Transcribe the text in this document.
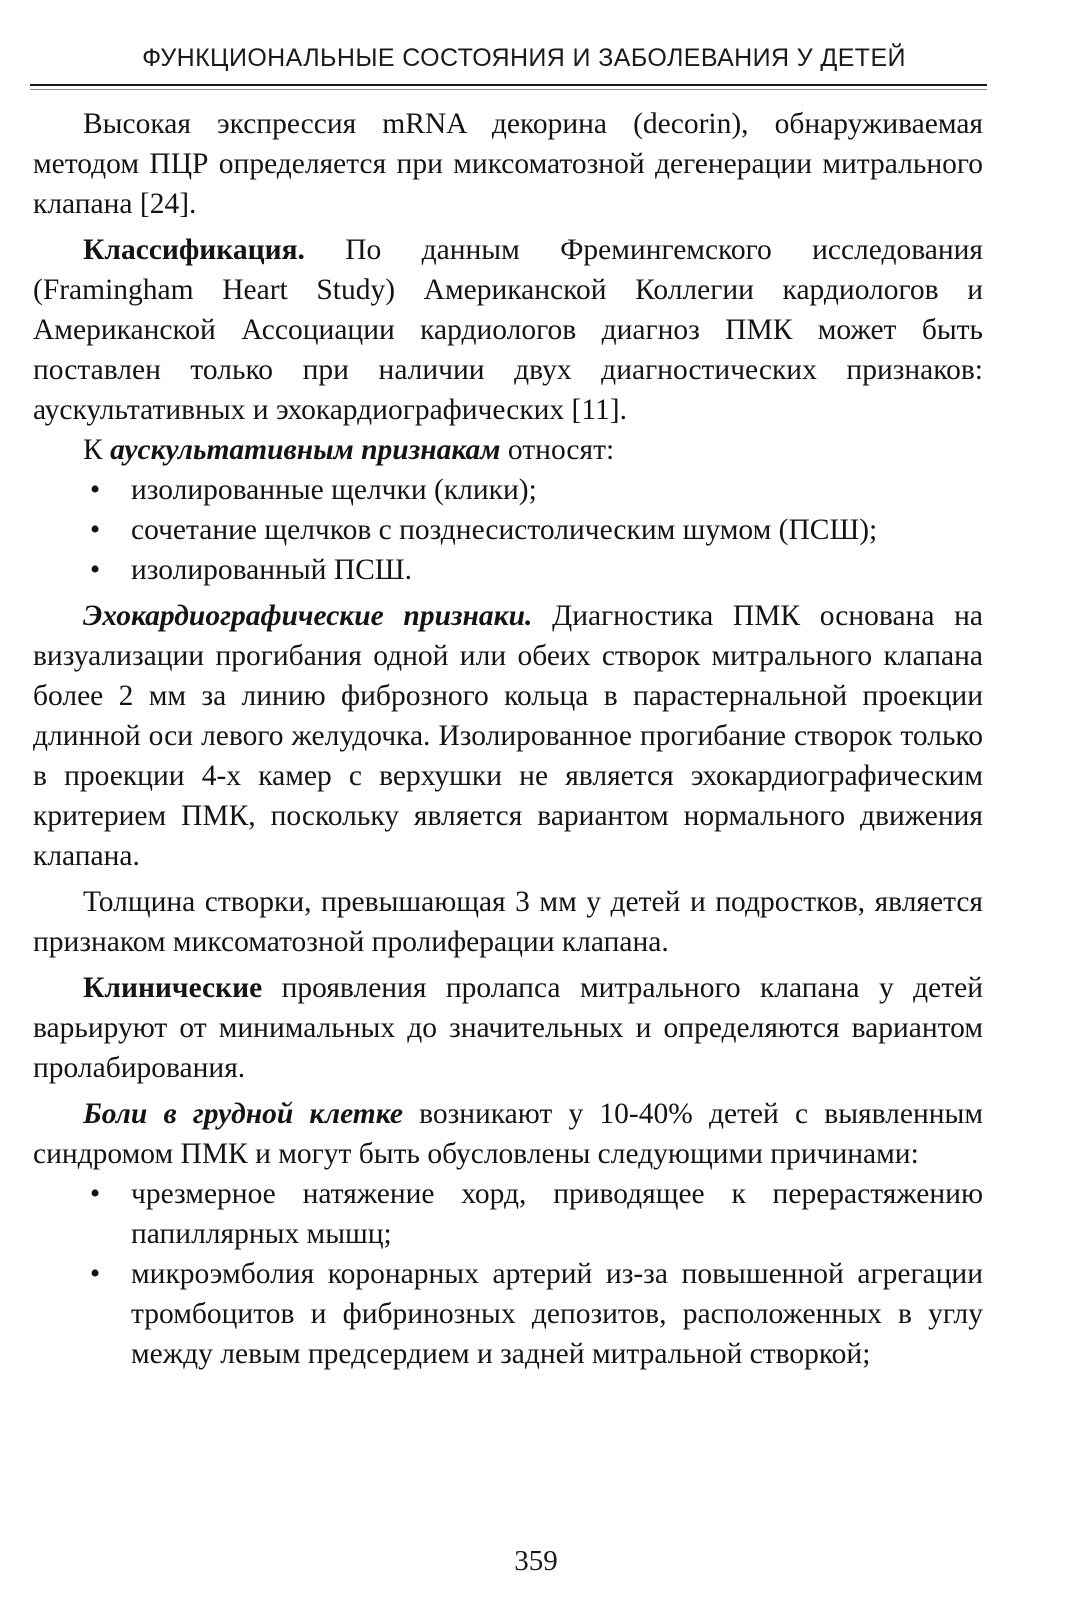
ФУНКЦИОНАЛЬНЫЕ СОСТОЯНИЯ И ЗАБОЛЕВАНИЯ У ДЕТЕЙ

Высокая экспрессия mRNA декорина (decorin), обнаруживаемая методом ПЦР определяется при миксоматозной дегенерации митрального клапана [24].

Классификация. По данным Фремингемского исследования (Framingham Heart Study) Американской Коллегии кардиологов и Американской Ассоциации кардиологов диагноз ПМК может быть поставлен только при наличии двух диагностических признаков: аускультативных и эхокардиографических [11].

К аускультативным признакам относят:

•	изолированные щелчки (клики);
•	сочетание щелчков с позднесистолическим шумом (ПСШ);
•	изолированный ПСШ.

Эхокардиографические признаки. Диагностика ПМК основана на визуализации прогибания одной или обеих створок митрального клапана более 2 мм за линию фиброзного кольца в парастернальной проекции длинной оси левого желудочка. Изолированное прогибание створок только в проекции 4-х камер с верхушки не является эхокардиографическим критерием ПМК, поскольку является вариантом нормального движения клапана.

Толщина створки, превышающая 3 мм у детей и подростков, является признаком миксоматозной пролиферации клапана.

Клинические проявления пролапса митрального клапана у детей варьируют от минимальных до значительных и определяются вариантом пролабирования.

Боли в грудной клетке возникают у 10-40% детей с выявленным синдромом ПМК и могут быть обусловлены следующими причинами:

•	чрезмерное натяжение хорд, приводящее к перерастяжению папиллярных мышц;
•	микроэмболия коронарных артерий из-за повышенной агрегации тромбоцитов и фибринозных депозитов, расположенных в углу между левым предсердием и задней митральной створкой;
359
